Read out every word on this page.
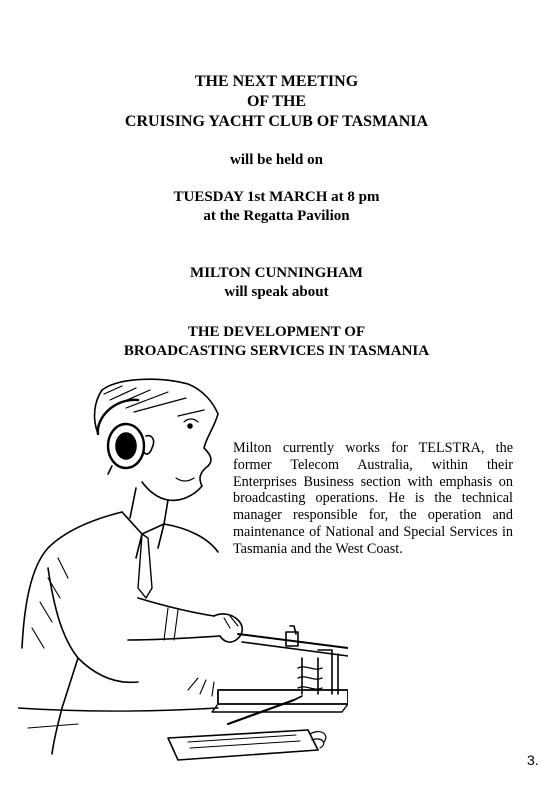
THE NEXT MEETING
OF THE
CRUISING YACHT CLUB OF TASMANIA
will be held on
TUESDAY 1st MARCH at 8 pm
at the Regatta Pavilion
MILTON CUNNINGHAM
will speak about
THE DEVELOPMENT OF
BROADCASTING SERVICES IN TASMANIA
Milton currently works for TELSTRA, the former Telecom Australia, within their Enterprises Business section with emphasis on broadcasting operations. He is the technical manager responsible for, the operation and maintenance of National and Special Services in Tasmania and the West Coast.
3.
